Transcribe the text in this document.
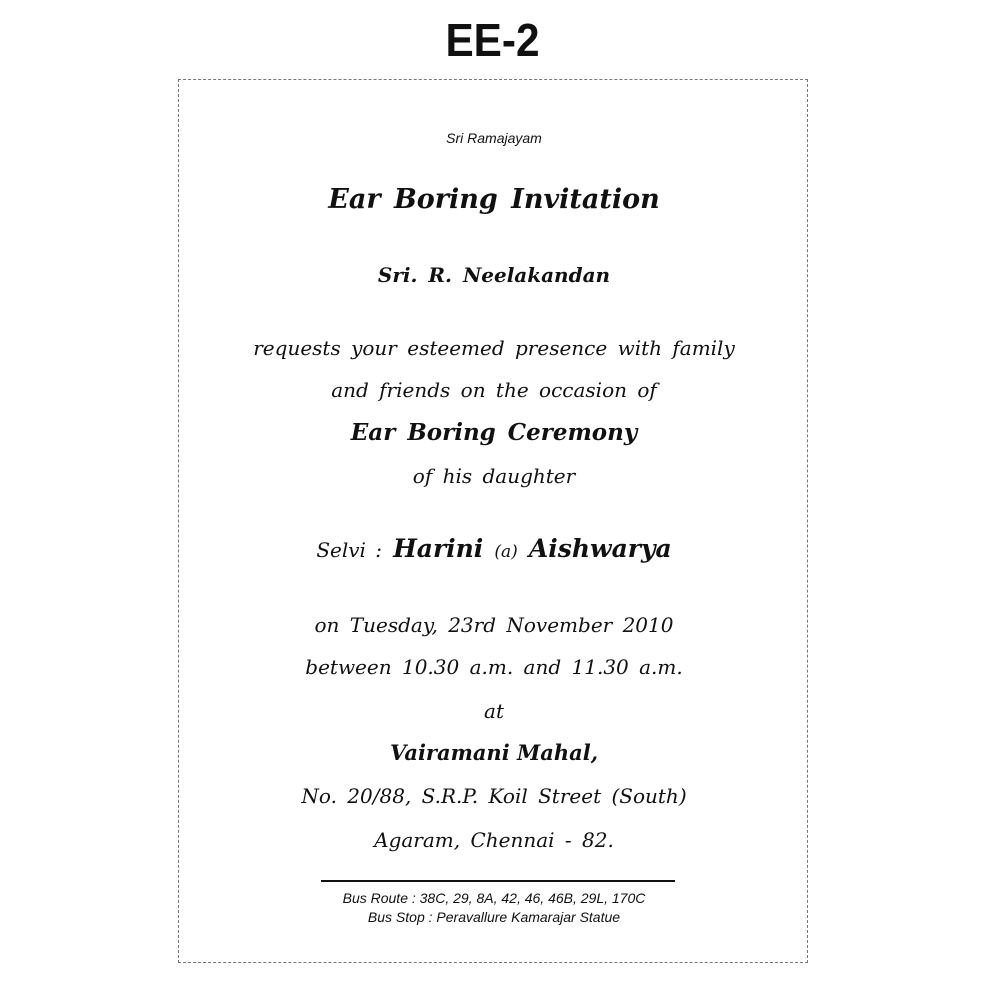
EE-2
Sri Ramajayam
Ear Boring Invitation
Sri. R. Neelakandan
requests your esteemed presence with family
and friends on the occasion of
Ear Boring Ceremony
of his daughter
Selvi : Harini (a) Aishwarya
on Tuesday, 23rd November 2010
between 10.30 a.m. and 11.30 a.m.
at
Vairamani Mahal,
No. 20/88, S.R.P. Koil Street (South)
Agaram, Chennai - 82.
Bus Route : 38C, 29, 8A, 42, 46, 46B, 29L, 170C
Bus Stop : Peravallure Kamarajar Statue
